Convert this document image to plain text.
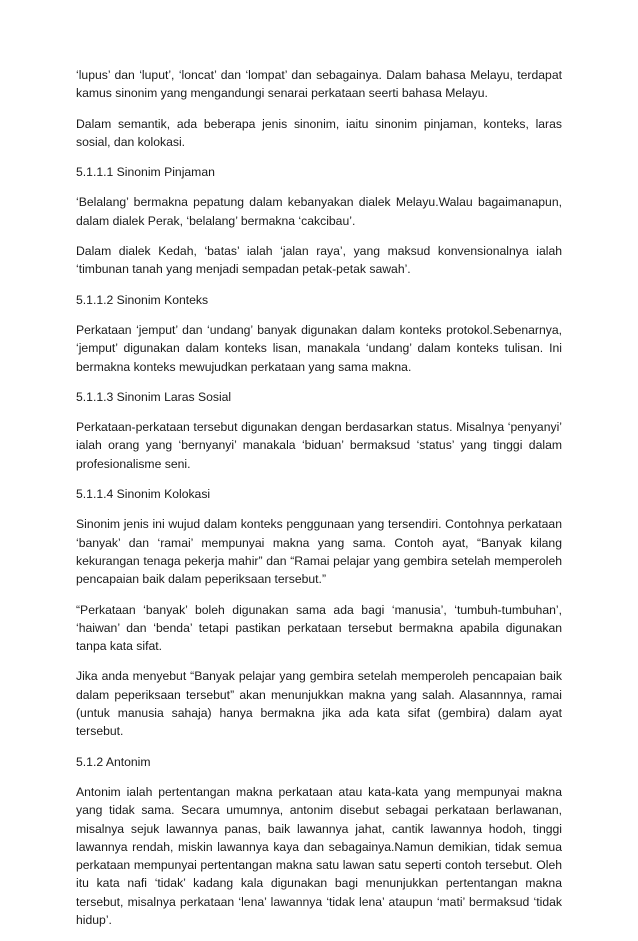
‘lupus’ dan ‘luput’, ‘loncat’ dan ‘lompat’ dan sebagainya. Dalam bahasa Melayu, terdapat kamus sinonim yang mengandungi senarai perkataan seerti bahasa Melayu.

Dalam semantik, ada beberapa jenis sinonim, iaitu sinonim pinjaman, konteks, laras sosial, dan kolokasi.

5.1.1.1 Sinonim Pinjaman

‘Belalang’ bermakna pepatung dalam kebanyakan dialek Melayu.Walau bagaimanapun, dalam dialek Perak, ‘belalang’ bermakna ‘cakcibau’.

Dalam dialek Kedah, ‘batas’ ialah ‘jalan raya’, yang maksud konvensionalnya ialah ‘timbunan tanah yang menjadi sempadan petak-petak sawah’.

5.1.1.2 Sinonim Konteks

Perkataan ‘jemput’ dan ‘undang’ banyak digunakan dalam konteks protokol.Sebenarnya, ‘jemput’ digunakan dalam konteks lisan, manakala ‘undang’ dalam konteks tulisan. Ini bermakna konteks mewujudkan perkataan yang sama makna.

5.1.1.3 Sinonim Laras Sosial

Perkataan-perkataan tersebut digunakan dengan berdasarkan status. Misalnya ‘penyanyi’ ialah orang yang ‘bernyanyi’ manakala ‘biduan’ bermaksud ‘status’ yang tinggi dalam profesionalisme seni.

5.1.1.4 Sinonim Kolokasi

Sinonim jenis ini wujud dalam konteks penggunaan yang tersendiri. Contohnya perkataan ‘banyak’ dan ‘ramai’ mempunyai makna yang sama. Contoh ayat, “Banyak kilang kekurangan tenaga pekerja mahir” dan “Ramai pelajar yang gembira setelah memperoleh pencapaian baik dalam peperiksaan tersebut.”

“Perkataan ‘banyak’ boleh digunakan sama ada bagi ‘manusia’, ‘tumbuh-tumbuhan’, ‘haiwan’ dan ‘benda’ tetapi pastikan perkataan tersebut bermakna apabila digunakan tanpa kata sifat.

Jika anda menyebut “Banyak pelajar yang gembira setelah memperoleh pencapaian baik dalam peperiksaan tersebut” akan menunjukkan makna yang salah. Alasannnya, ramai (untuk manusia sahaja) hanya bermakna jika ada kata sifat (gembira) dalam ayat tersebut.

5.1.2 Antonim

Antonim ialah pertentangan makna perkataan atau kata-kata yang mempunyai makna yang tidak sama. Secara umumnya, antonim disebut sebagai perkataan berlawanan, misalnya sejuk lawannya panas, baik lawannya jahat, cantik lawannya hodoh, tinggi lawannya rendah, miskin lawannya kaya dan sebagainya.Namun demikian, tidak semua perkataan mempunyai pertentangan makna satu lawan satu seperti contoh tersebut. Oleh itu kata nafi ‘tidak’ kadang kala digunakan bagi menunjukkan pertentangan makna tersebut, misalnya perkataan ‘lena’ lawannya ‘tidak lena’ ataupun ‘mati’ bermaksud ‘tidak hidup’.
